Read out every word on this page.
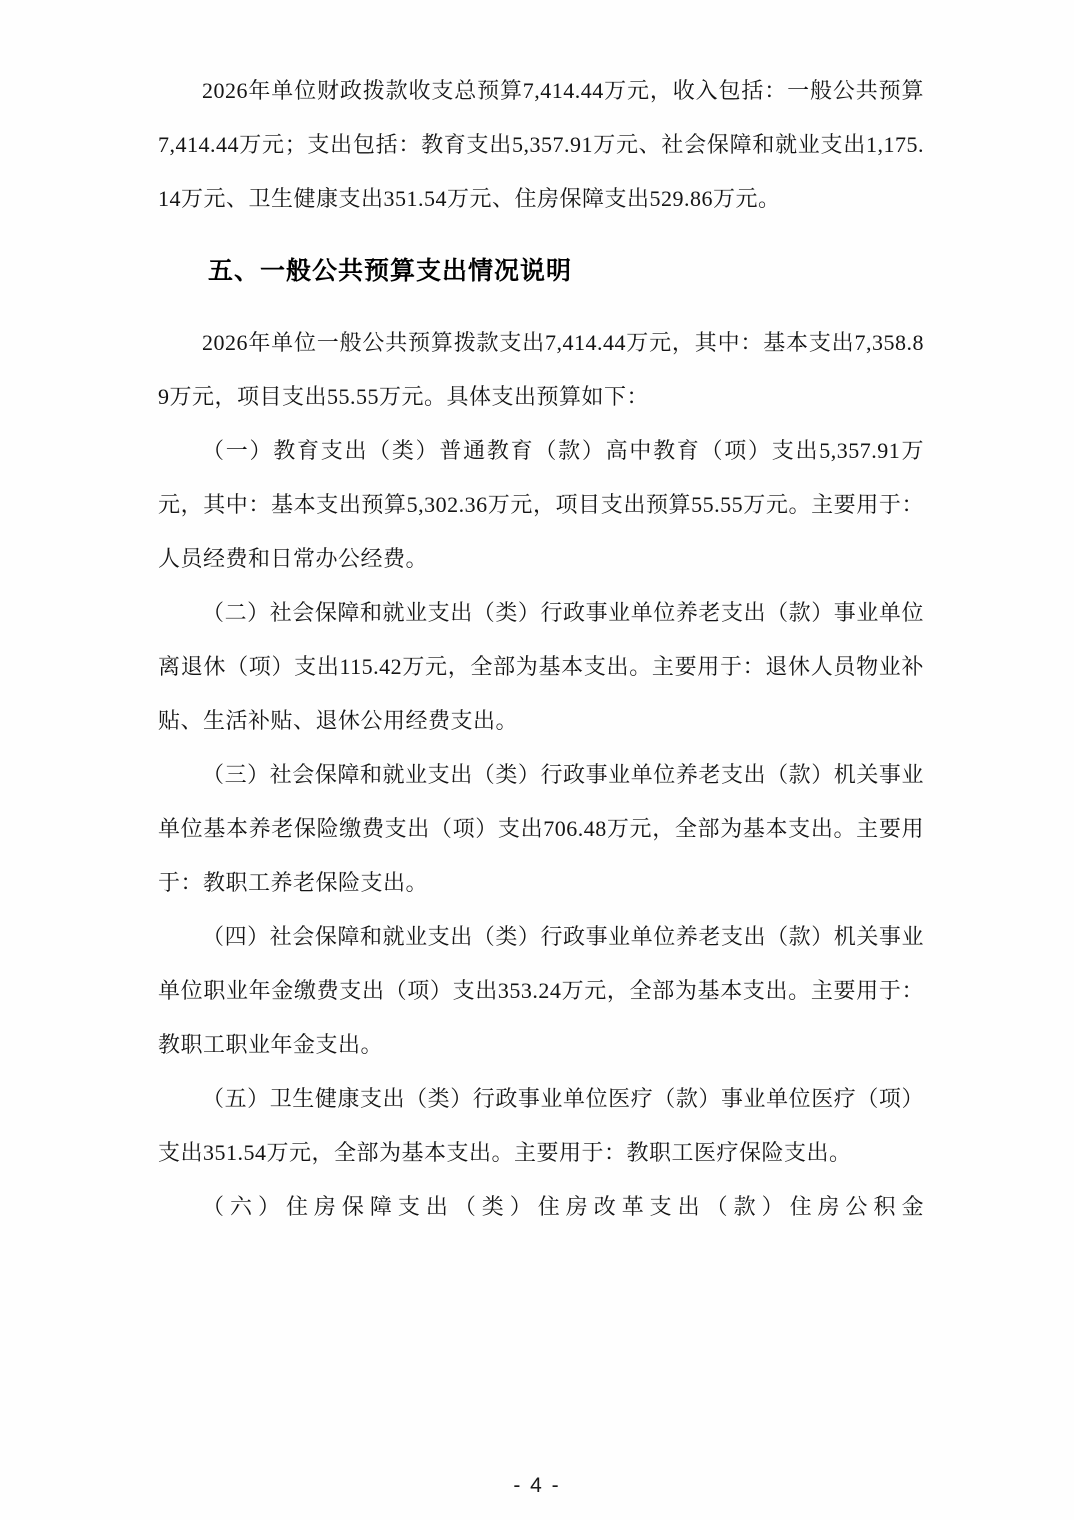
2026年单位财政拨款收支总预算7,414.44万元，收入包括：一般公共预算7,414.44万元；支出包括：教育支出5,357.91万元、社会保障和就业支出1,175.14万元、卫生健康支出351.54万元、住房保障支出529.86万元。

五、一般公共预算支出情况说明

2026年单位一般公共预算拨款支出7,414.44万元，其中：基本支出7,358.89万元，项目支出55.55万元。具体支出预算如下：

（一）教育支出（类）普通教育（款）高中教育（项）支出5,357.91万元，其中：基本支出预算5,302.36万元，项目支出预算55.55万元。主要用于：人员经费和日常办公经费。

（二）社会保障和就业支出（类）行政事业单位养老支出（款）事业单位离退休（项）支出115.42万元，全部为基本支出。主要用于：退休人员物业补贴、生活补贴、退休公用经费支出。

（三）社会保障和就业支出（类）行政事业单位养老支出（款）机关事业单位基本养老保险缴费支出（项）支出706.48万元，全部为基本支出。主要用于：教职工养老保险支出。

（四）社会保障和就业支出（类）行政事业单位养老支出（款）机关事业单位职业年金缴费支出（项）支出353.24万元，全部为基本支出。主要用于：教职工职业年金支出。

（五）卫生健康支出（类）行政事业单位医疗（款）事业单位医疗（项）支出351.54万元，全部为基本支出。主要用于：教职工医疗保险支出。

（六）住房保障支出（类）住房改革支出（款）住房公积金

- 4 -
